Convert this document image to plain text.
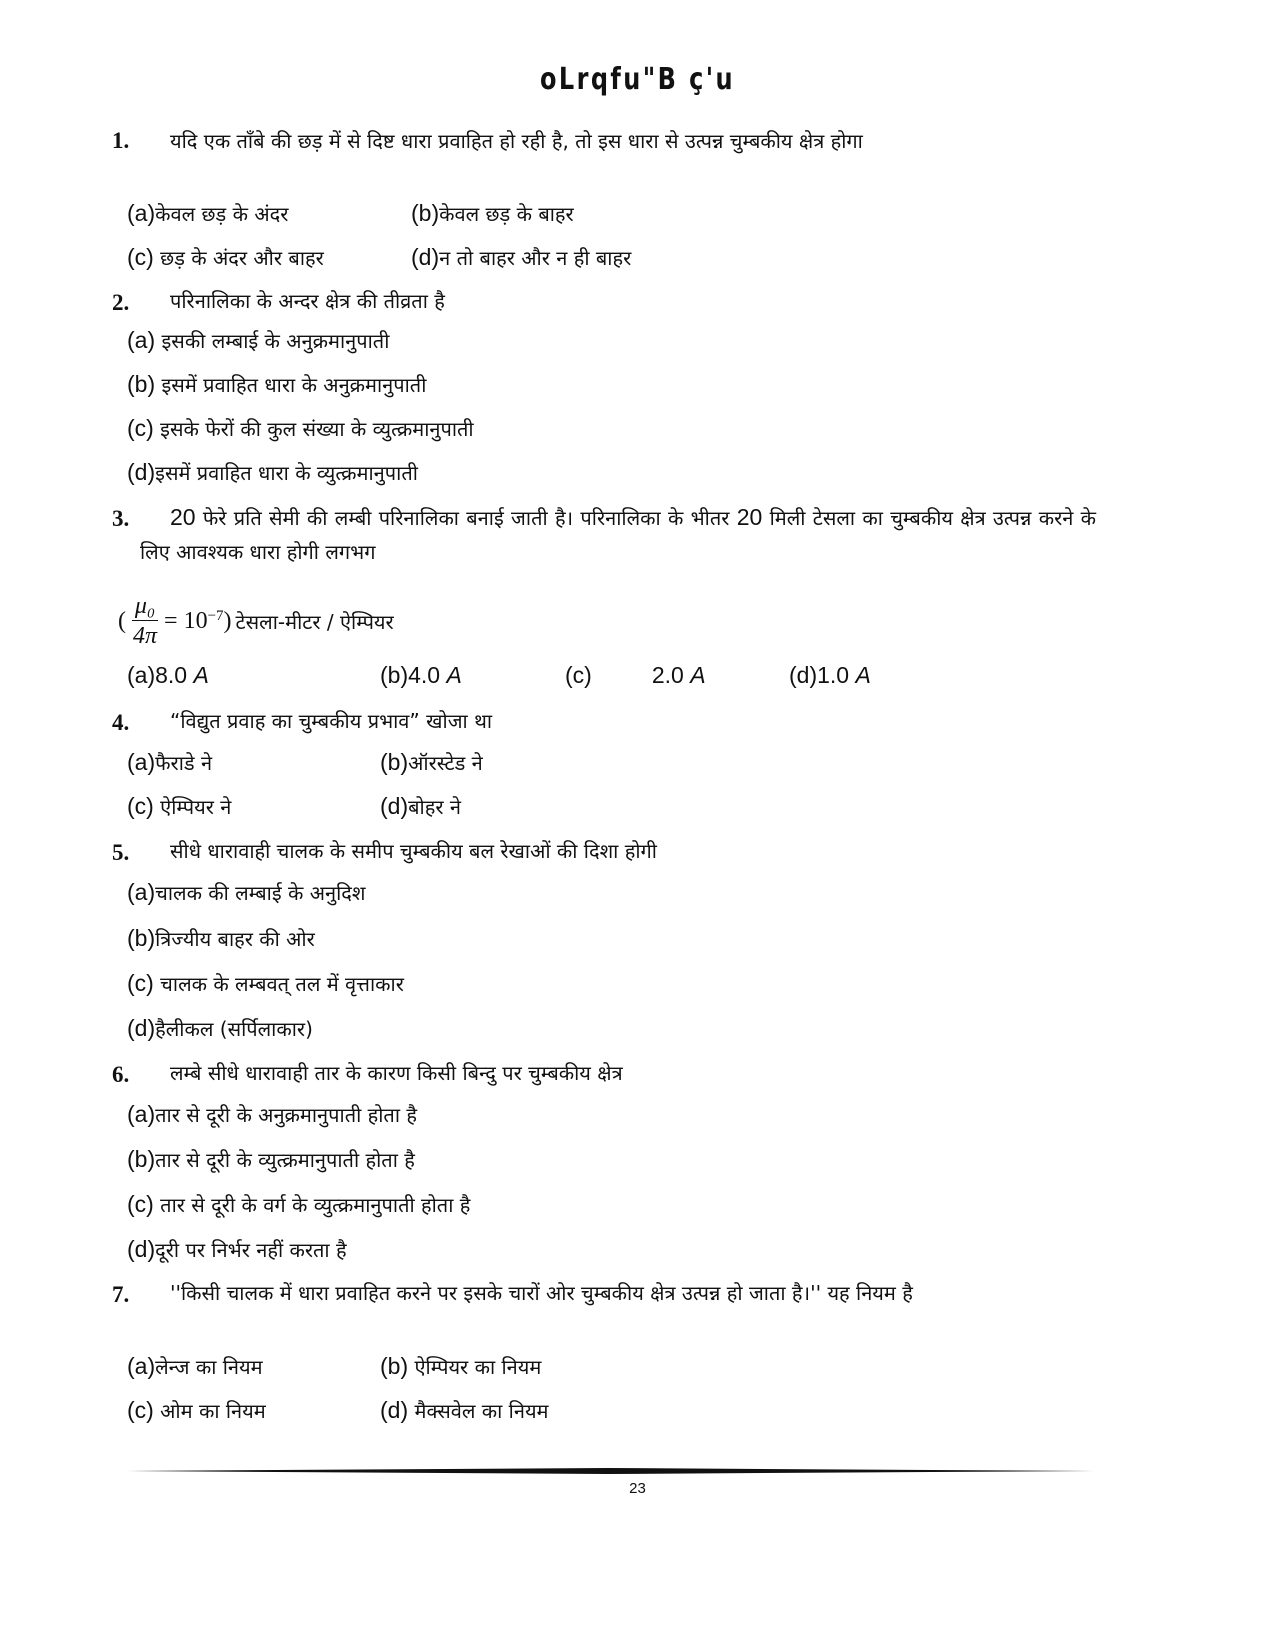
oLrqfu"B ç'u
1.	यदि एक ताँबे की छड़ में से दिष्ट धारा प्रवाहित हो रही है, तो इस धारा से उत्पन्न चुम्बकीय क्षेत्र होगा
(a)केवल छड़ के अंदर	(b)केवल छड़ के बाहर
(c) छड़ के अंदर और बाहर	(d)न तो बाहर और न ही बाहर
2.	परिनालिका के अन्दर क्षेत्र की तीव्रता है
(a) इसकी लम्बाई के अनुक्रमानुपाती
(b) इसमें प्रवाहित धारा के अनुक्रमानुपाती
(c) इसके फेरों की कुल संख्या के व्युत्क्रमानुपाती
(d)इसमें प्रवाहित धारा के व्युत्क्रमानुपाती
3.	20 फेरे प्रति सेमी की लम्बी परिनालिका बनाई जाती है। परिनालिका के भीतर 20 मिली टेसला का चुम्बकीय क्षेत्र उत्पन्न करने के लिए आवश्यक धारा होगी लगभग
( $\frac{\text{μ₀}}{4\pi} = 10^{-7}$ ) टेसला-मीटर / ऐम्पियर
(a)8.0 A	(b)4.0 A	(c)	2.0 A	(d)1.0 A
4.	“विद्युत प्रवाह का चुम्बकीय प्रभाव” खोजा था
(a)फैराडे ने	(b)ऑरस्टेड ने
(c) ऐम्पियर ने	(d)बोहर ने
5.	सीधे धारावाही चालक के समीप चुम्बकीय बल रेखाओं की दिशा होगी
(a)चालक की लम्बाई के अनुदिश
(b)त्रिज्यीय बाहर की ओर
(c) चालक के लम्बवत् तल में वृत्ताकार
(d)हैलीकल (सर्पिलाकार)
6.	लम्बे सीधे धारावाही तार के कारण किसी बिन्दु पर चुम्बकीय क्षेत्र
(a)तार से दूरी के अनुक्रमानुपाती होता है
(b)तार से दूरी के व्युत्क्रमानुपाती होता है
(c) तार से दूरी के वर्ग के व्युत्क्रमानुपाती होता है
(d)दूरी पर निर्भर नहीं करता है
7.	''किसी चालक में धारा प्रवाहित करने पर इसके चारों ओर चुम्बकीय क्षेत्र उत्पन्न हो जाता है।'' यह नियम है
(a)लेन्ज का नियम	(b) ऐम्पियर का नियम
(c) ओम का नियम	(d) मैक्सवेल का नियम
23
